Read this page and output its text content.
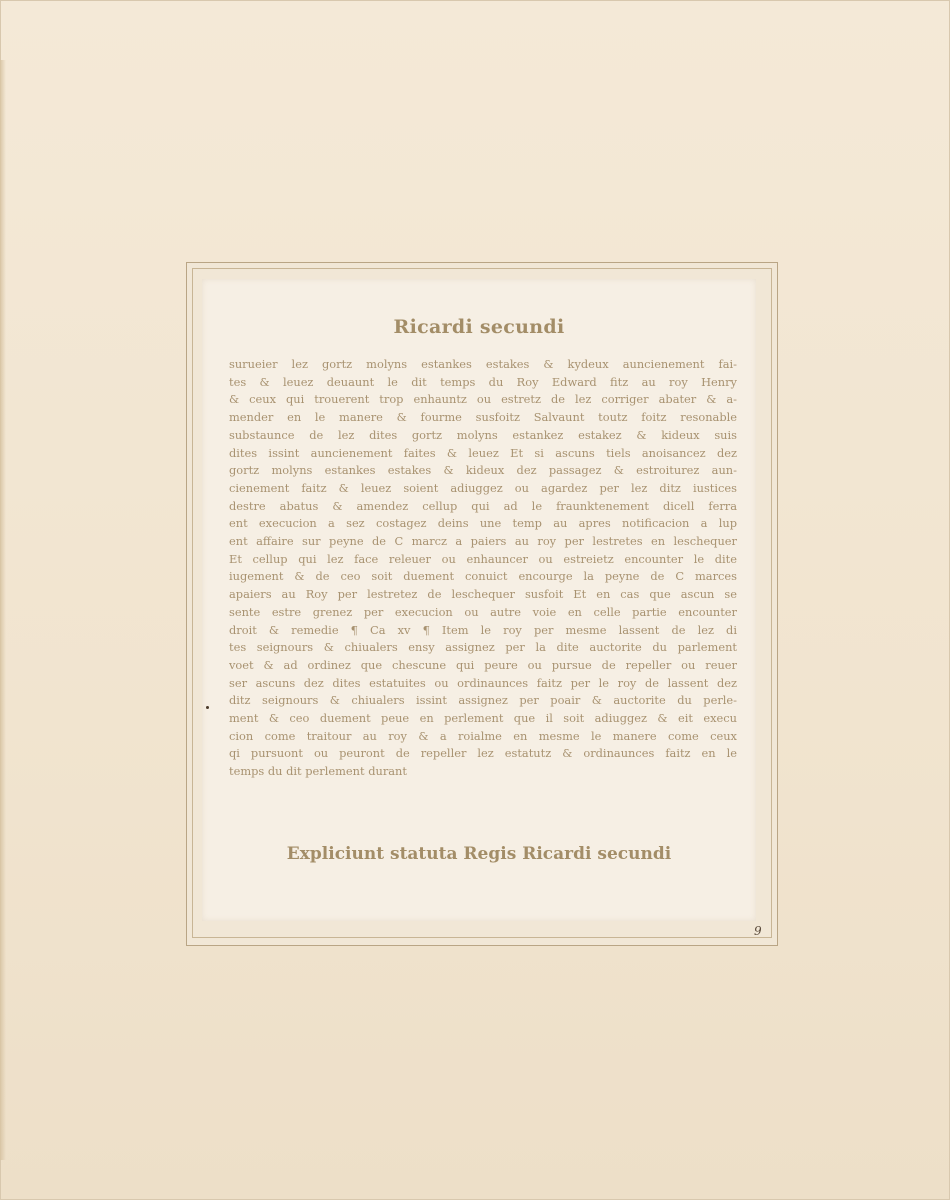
Ricardi secundi
surueier lez gortz molyns estankes estakes & kydeux auncienement fai-
tes & leuez deuaunt le dit temps du Roy Edward fitz au roy Henry
& ceux qui trouerent trop enhauntz ou estretz de lez corriger abater & a-
mender en le manere & fourme susfoitz Salvaunt toutz foitz resonable
substaunce de lez dites gortz molyns estankez estakez & kideux suis
dites issint auncienement faites & leuez Et si ascuns tiels anoisancez dez
gortz molyns estankes estakes & kideux dez passagez & estroiturez aun-
cienement faitz & leuez soient adiuggez ou agardez per lez ditz iustices
destre abatus & amendez cellup qui ad le fraunktenement dicell ferra
ent execucion a sez costagez deins une temp au apres notificacion a lup
ent affaire sur peyne de C marcz a paiers au roy per lestretes en leschequer
Et cellup qui lez face releuer ou enhauncer ou estreietz encounter le dite
iugement & de ceo soit duement conuict encourge la peyne de C marces
apaiers au Roy per lestretez de leschequer susfoit Et en cas que ascun se
sente estre grenez per execucion ou autre voie en celle partie encounter
droit & remedie ¶ Ca xv ¶ Item le roy per mesme lassent de lez di
tes seignours & chiualers ensy assignez per la dite auctorite du parlement
voet & ad ordinez que chescune qui peure ou pursue de repeller ou reuer
ser ascuns dez dites estatuites ou ordinaunces faitz per le roy de lassent dez
ditz seignours & chiualers issint assignez per poair & auctorite du perle-
ment & ceo duement peue en perlement que il soit adiuggez & eit execu
cion come traitour au roy & a roialme en mesme le manere come ceux
qi pursuont ou peuront de repeller lez estatutz & ordinaunces faitz en le
temps du dit perlement durant
Expliciunt statuta Regis Ricardi secundi
9
